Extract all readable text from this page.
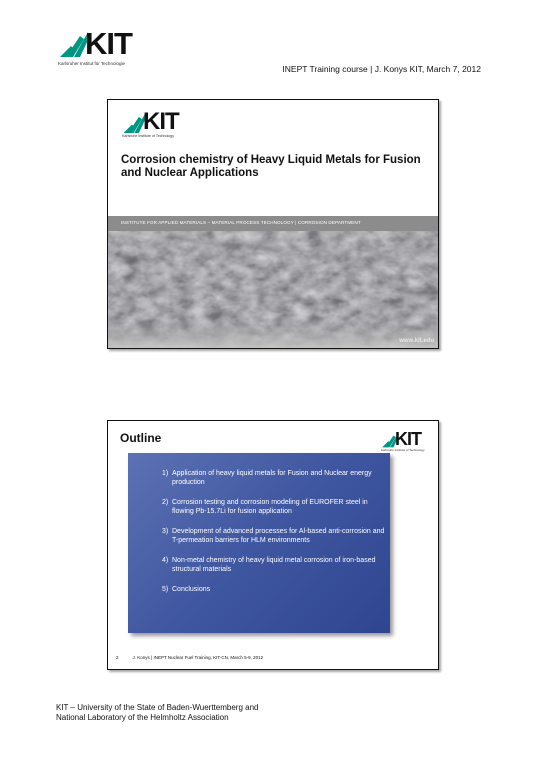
KIT
Karlsruher Institut für Technologie
INEPT Training course | J. Konys KIT, March 7, 2012
KIT
Karlsruhe Institute of Technology
Corrosion chemistry of Heavy Liquid Metals for Fusion and Nuclear Applications
INSTITUTE FOR APPLIED MATERIALS – MATERIAL PROCESS TECHNOLOGY | CORROSION DEPARTMENT
www.kit.edu
Outline	KIT
Karlsruhe Institute of Technology
1) Application of heavy liquid metals for Fusion and Nuclear energy production
2) Corrosion testing and corrosion modeling of EUROFER steel in flowing Pb-15.7Li for fusion application
3) Development of advanced processes for Al-based anti-corrosion and T-permeation barriers for HLM environments
4) Non-metal chemistry of heavy liquid metal corrosion of iron-based structural materials
5) Conclusions
2	J. Konys | INEPT Nuclear Fuel Training, KIT-CN, March 5-9, 2012
KIT – University of the State of Baden-Wuerttemberg and
National Laboratory of the Helmholtz Association
